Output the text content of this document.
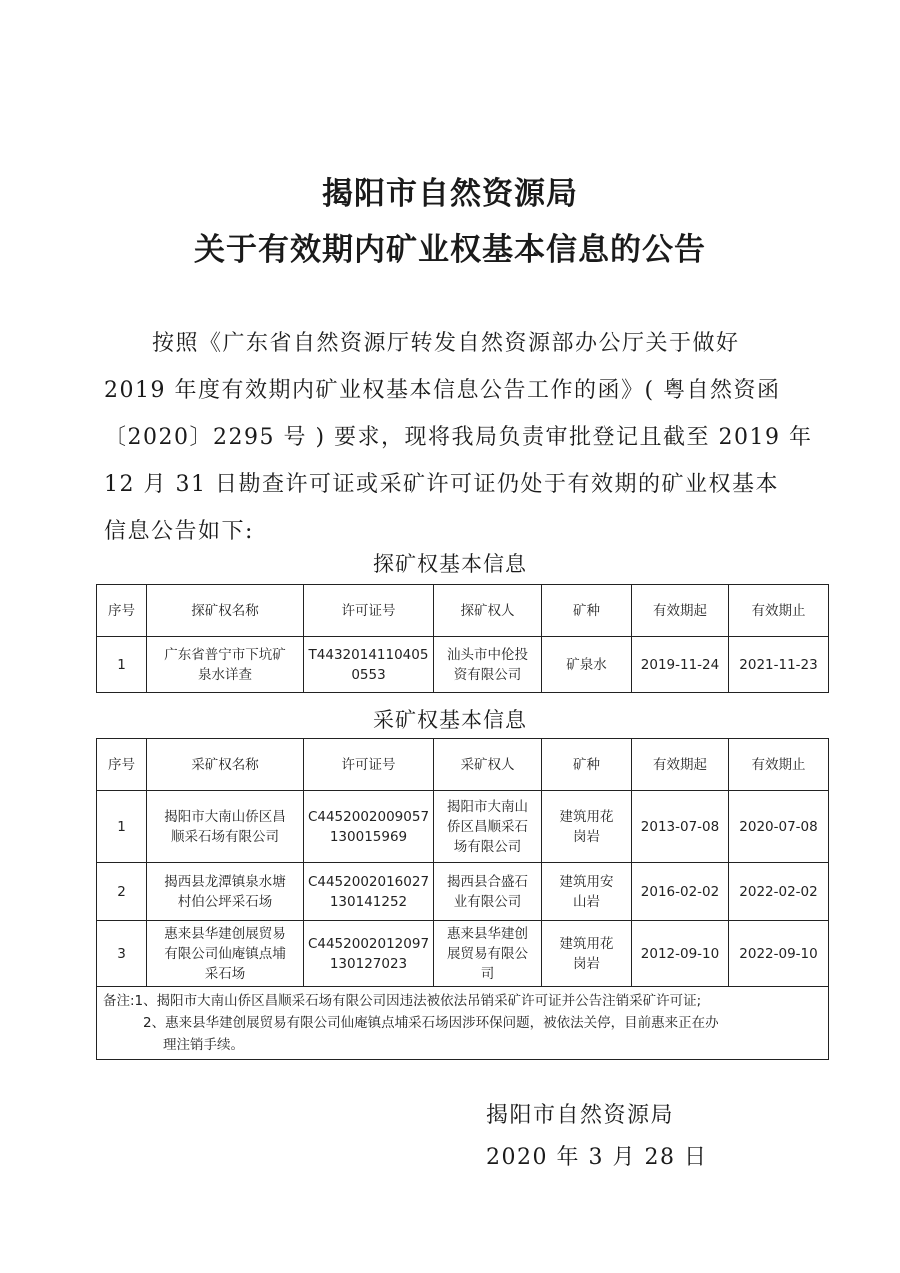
揭阳市自然资源局
关于有效期内矿业权基本信息的公告
按照《广东省自然资源厅转发自然资源部办公厅关于做好
2019 年度有效期内矿业权基本信息公告工作的函》( 粤自然资函
〔2020〕2295 号 ) 要求，现将我局负责审批登记且截至 2019 年
12 月 31 日勘查许可证或采矿许可证仍处于有效期的矿业权基本
信息公告如下:
探矿权基本信息
序号	探矿权名称	许可证号	探矿权人	矿种	有效期起	有效期止
1	广东省普宁市下坑矿
泉水详查	T4432014110405
0553	汕头市中伦投
资有限公司	矿泉水	2019-11-24	2021-11-23
采矿权基本信息
序号	采矿权名称	许可证号	采矿权人	矿种	有效期起	有效期止
1	揭阳市大南山侨区昌
顺采石场有限公司	C4452002009057
130015969	揭阳市大南山
侨区昌顺采石
场有限公司	建筑用花
岗岩	2013-07-08	2020-07-08
2	揭西县龙潭镇泉水塘
村伯公坪采石场	C4452002016027
130141252	揭西县合盛石
业有限公司	建筑用安
山岩	2016-02-02	2022-02-02
3	惠来县华建创展贸易
有限公司仙庵镇点埔
采石场	C4452002012097
130127023	惠来县华建创
展贸易有限公
司	建筑用花
岗岩	2012-09-10	2022-09-10

备注:1、揭阳市大南山侨区昌顺采石场有限公司因违法被依法吊销采矿许可证并公告注销采矿许可证;
2、惠来县华建创展贸易有限公司仙庵镇点埔采石场因涉环保问题，被依法关停，目前惠来正在办
理注销手续。						
揭阳市自然资源局
2020 年 3 月 28 日
